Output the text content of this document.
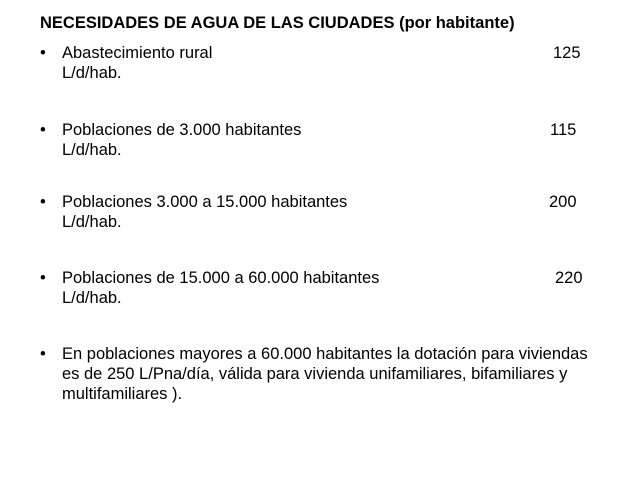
NECESIDADES DE AGUA DE LAS CIUDADES (por habitante)
• Abastecimiento rural	125
L/d/hab.
• Poblaciones de 3.000 habitantes	115
L/d/hab.
• Poblaciones 3.000 a 15.000 habitantes	200
L/d/hab.
• Poblaciones de 15.000 a 60.000 habitantes	220
L/d/hab.
• En poblaciones mayores a 60.000 habitantes la dotación para viviendas es de 250 L/Pna/día, válida para vivienda unifamiliares, bifamiliares y multifamiliares ).
